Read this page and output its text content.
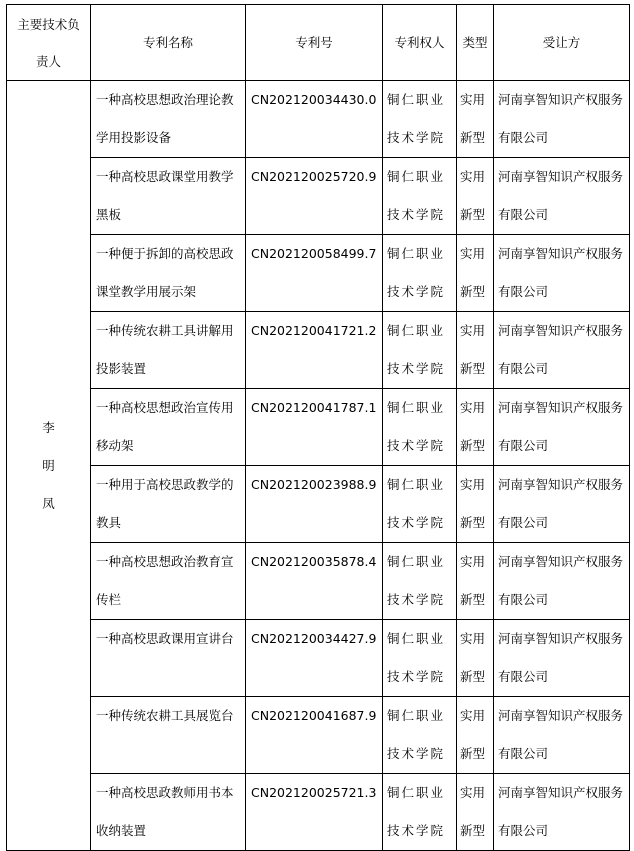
主要技术负责人	专利名称	专利号	专利权人	类型	受让方

李
明
凤	一种高校思想政治理论教学用投影设备	CN202120034430.0	铜仁职业技术学院	实用新型	河南享智知识产权服务有限公司
	一种高校思政课堂用教学黑板	CN202120025720.9	铜仁职业技术学院	实用新型	河南享智知识产权服务有限公司
	一种便于拆卸的高校思政课堂教学用展示架	CN202120058499.7	铜仁职业技术学院	实用新型	河南享智知识产权服务有限公司
	一种传统农耕工具讲解用投影装置	CN202120041721.2	铜仁职业技术学院	实用新型	河南享智知识产权服务有限公司
	一种高校思想政治宣传用移动架	CN202120041787.1	铜仁职业技术学院	实用新型	河南享智知识产权服务有限公司
	一种用于高校思政教学的教具	CN202120023988.9	铜仁职业技术学院	实用新型	河南享智知识产权服务有限公司
	一种高校思想政治教育宣传栏	CN202120035878.4	铜仁职业技术学院	实用新型	河南享智知识产权服务有限公司
	一种高校思政课用宣讲台	CN202120034427.9	铜仁职业技术学院	实用新型	河南享智知识产权服务有限公司
	一种传统农耕工具展览台	CN202120041687.9	铜仁职业技术学院	实用新型	河南享智知识产权服务有限公司
	一种高校思政教师用书本收纳装置	CN202120025721.3	铜仁职业技术学院	实用新型	河南享智知识产权服务有限公司
